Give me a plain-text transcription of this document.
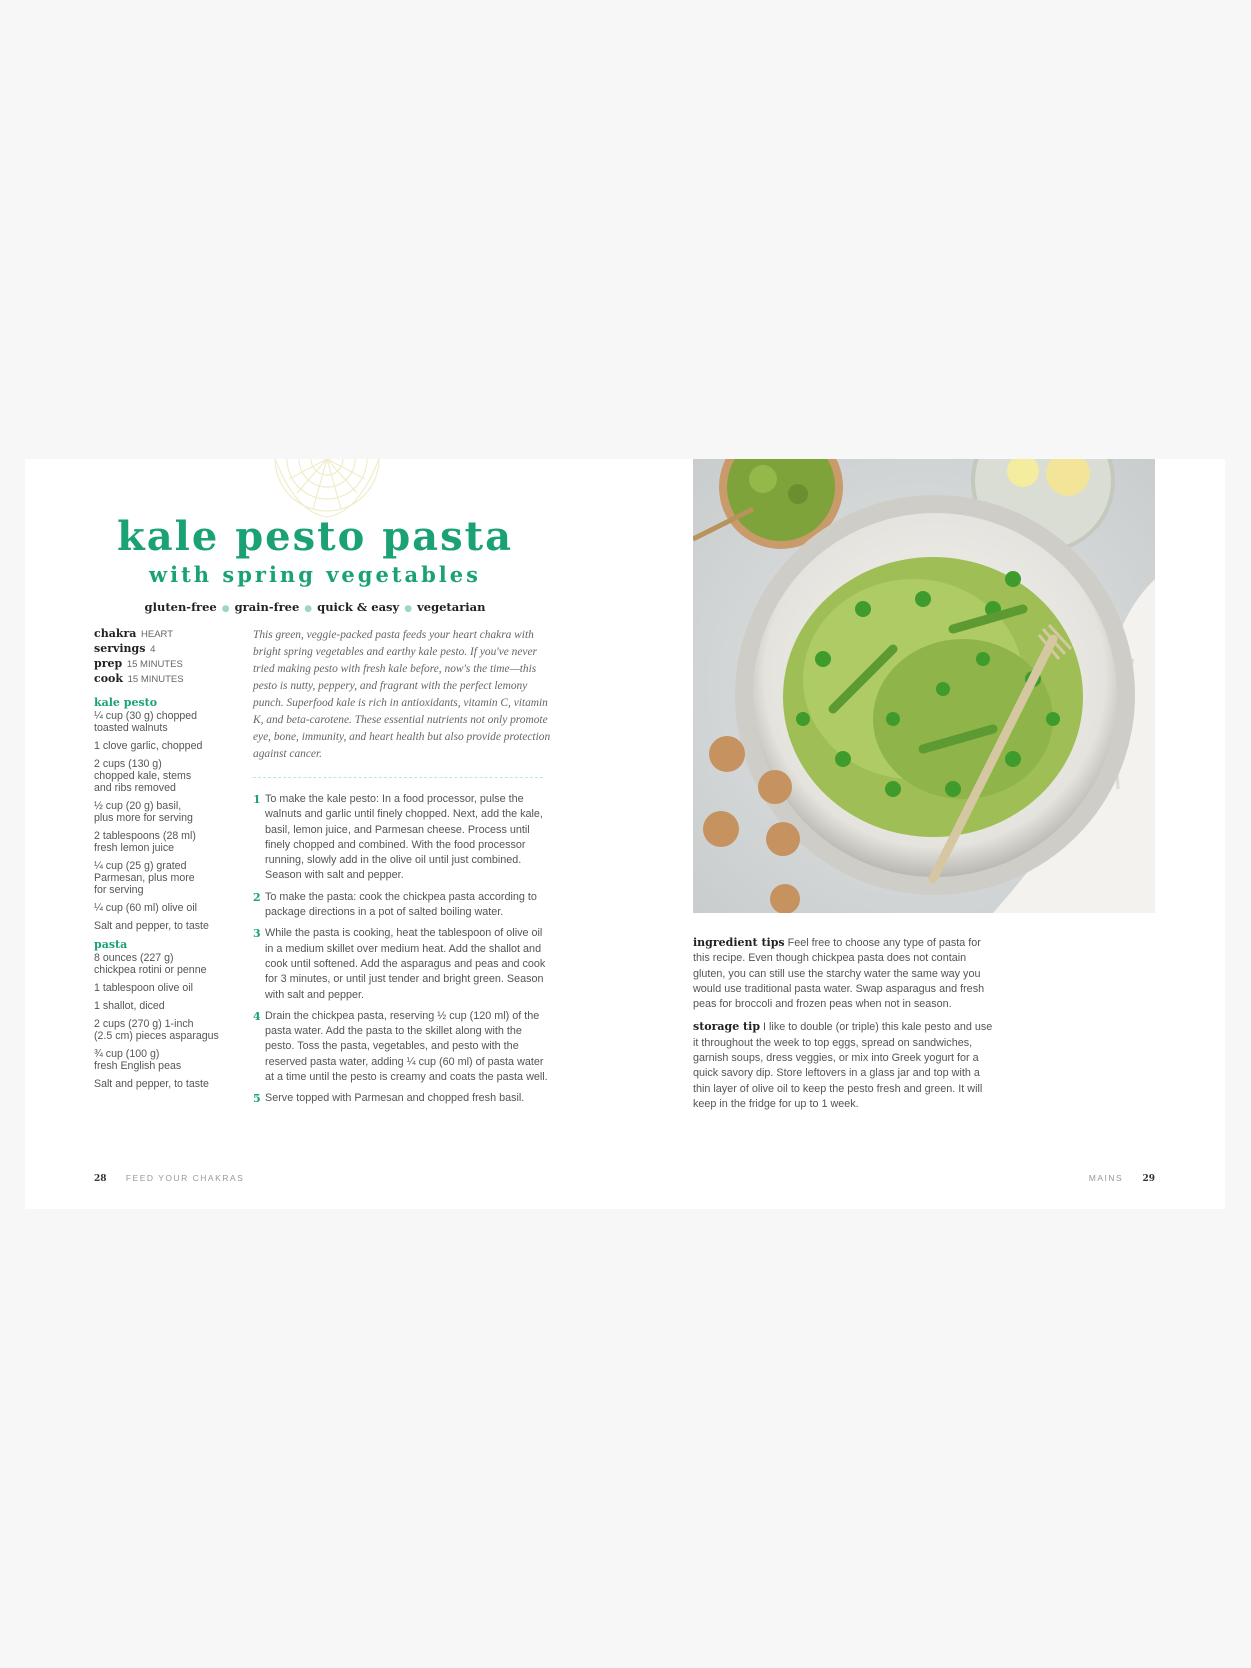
kale pesto pasta
with spring vegetables
gluten-free ● grain-free ● quick & easy ● vegetarian
chakra HEART
servings 4
prep 15 MINUTES
cook 15 MINUTES
kale pesto
¼ cup (30 g) chopped
toasted walnuts
1 clove garlic, chopped
2 cups (130 g)
chopped kale, stems
and ribs removed
½ cup (20 g) basil,
plus more for serving
2 tablespoons (28 ml)
fresh lemon juice
¼ cup (25 g) grated
Parmesan, plus more
for serving
¼ cup (60 ml) olive oil
Salt and pepper, to taste
pasta
8 ounces (227 g)
chickpea rotini or penne
1 tablespoon olive oil
1 shallot, diced
2 cups (270 g) 1-inch
(2.5 cm) pieces asparagus
¾ cup (100 g)
fresh English peas
Salt and pepper, to taste

This green, veggie-packed pasta feeds your heart chakra with bright spring vegetables and earthy kale pesto. If you've never tried making pesto with fresh kale before, now's the time—this pesto is nutty, peppery, and fragrant with the perfect lemony punch. Superfood kale is rich in antioxidants, vitamin C, vitamin K, and beta-carotene. These essential nutrients not only promote eye, bone, immunity, and heart health but also provide protection against cancer.

1 To make the kale pesto: In a food processor, pulse the walnuts and garlic until finely chopped. Next, add the kale, basil, lemon juice, and Parmesan cheese. Process until finely chopped and combined. With the food processor running, slowly add in the olive oil until just combined. Season with salt and pepper.
2 To make the pasta: cook the chickpea pasta according to package directions in a pot of salted boiling water.
3 While the pasta is cooking, heat the tablespoon of olive oil in a medium skillet over medium heat. Add the shallot and cook until softened. Add the asparagus and peas and cook for 3 minutes, or until just tender and bright green. Season with salt and pepper.
4 Drain the chickpea pasta, reserving ½ cup (120 ml) of the pasta water. Add the pasta to the skillet along with the pesto. Toss the pasta, vegetables, and pesto with the reserved pasta water, adding ¼ cup (60 ml) of pasta water at a time until the pesto is creamy and coats the pasta well.
5 Serve topped with Parmesan and chopped fresh basil.
28 FEED YOUR CHAKRAS
ingredient tips Feel free to choose any type of pasta for this recipe. Even though chickpea pasta does not contain gluten, you can still use the starchy water the same way you would use traditional pasta water. Swap asparagus and fresh peas for broccoli and frozen peas when not in season.
storage tip I like to double (or triple) this kale pesto and use it throughout the week to top eggs, spread on sandwiches, garnish soups, dress veggies, or mix into Greek yogurt for a quick savory dip. Store leftovers in a glass jar and top with a thin layer of olive oil to keep the pesto fresh and green. It will keep in the fridge for up to 1 week.
MAINS 29
